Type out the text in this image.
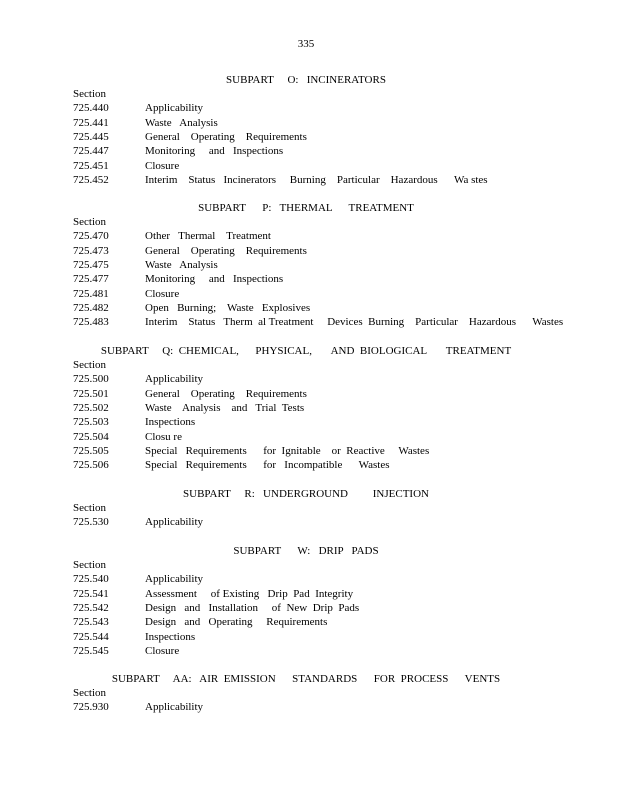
335
SUBPART     O:   INCINERATORS
Section
725.440	Applicability
725.441	Waste   Analysis
725.445	General    Operating    Requirements
725.447	Monitoring     and   Inspections
725.451	Closure
725.452	Interim    Status   Incinerators     Burning    Particular    Hazardous      Wa stes
SUBPART      P:   THERMAL      TREATMENT
Section
725.470	Other   Thermal    Treatment
725.473	General    Operating    Requirements
725.475	Waste   Analysis
725.477	Monitoring     and   Inspections
725.481	Closure
725.482	Open   Burning;    Waste   Explosives
725.483	Interim    Status   Therm  al Treatment     Devices  Burning    Particular    Hazardous      Wastes
SUBPART     Q:  CHEMICAL,      PHYSICAL,       AND  BIOLOGICAL       TREATMENT
Section
725.500	Applicability
725.501	General    Operating    Requirements
725.502	Waste    Analysis    and   Trial  Tests
725.503	Inspections
725.504	Closu re
725.505	Special   Requirements      for  Ignitable    or  Reactive     Wastes
725.506	Special   Requirements      for   Incompatible      Wastes
SUBPART     R:   UNDERGROUND         INJECTION
Section
725.530	Applicability
SUBPART      W:   DRIP   PADS
Section
725.540	Applicability
725.541	Assessment     of Existing   Drip  Pad  Integrity
725.542	Design   and   Installation     of  New  Drip  Pads
725.543	Design   and   Operating     Requirements
725.544	Inspections
725.545	Closure
SUBPART     AA:   AIR  EMISSION      STANDARDS      FOR  PROCESS      VENTS
Section
725.930	Applicability
